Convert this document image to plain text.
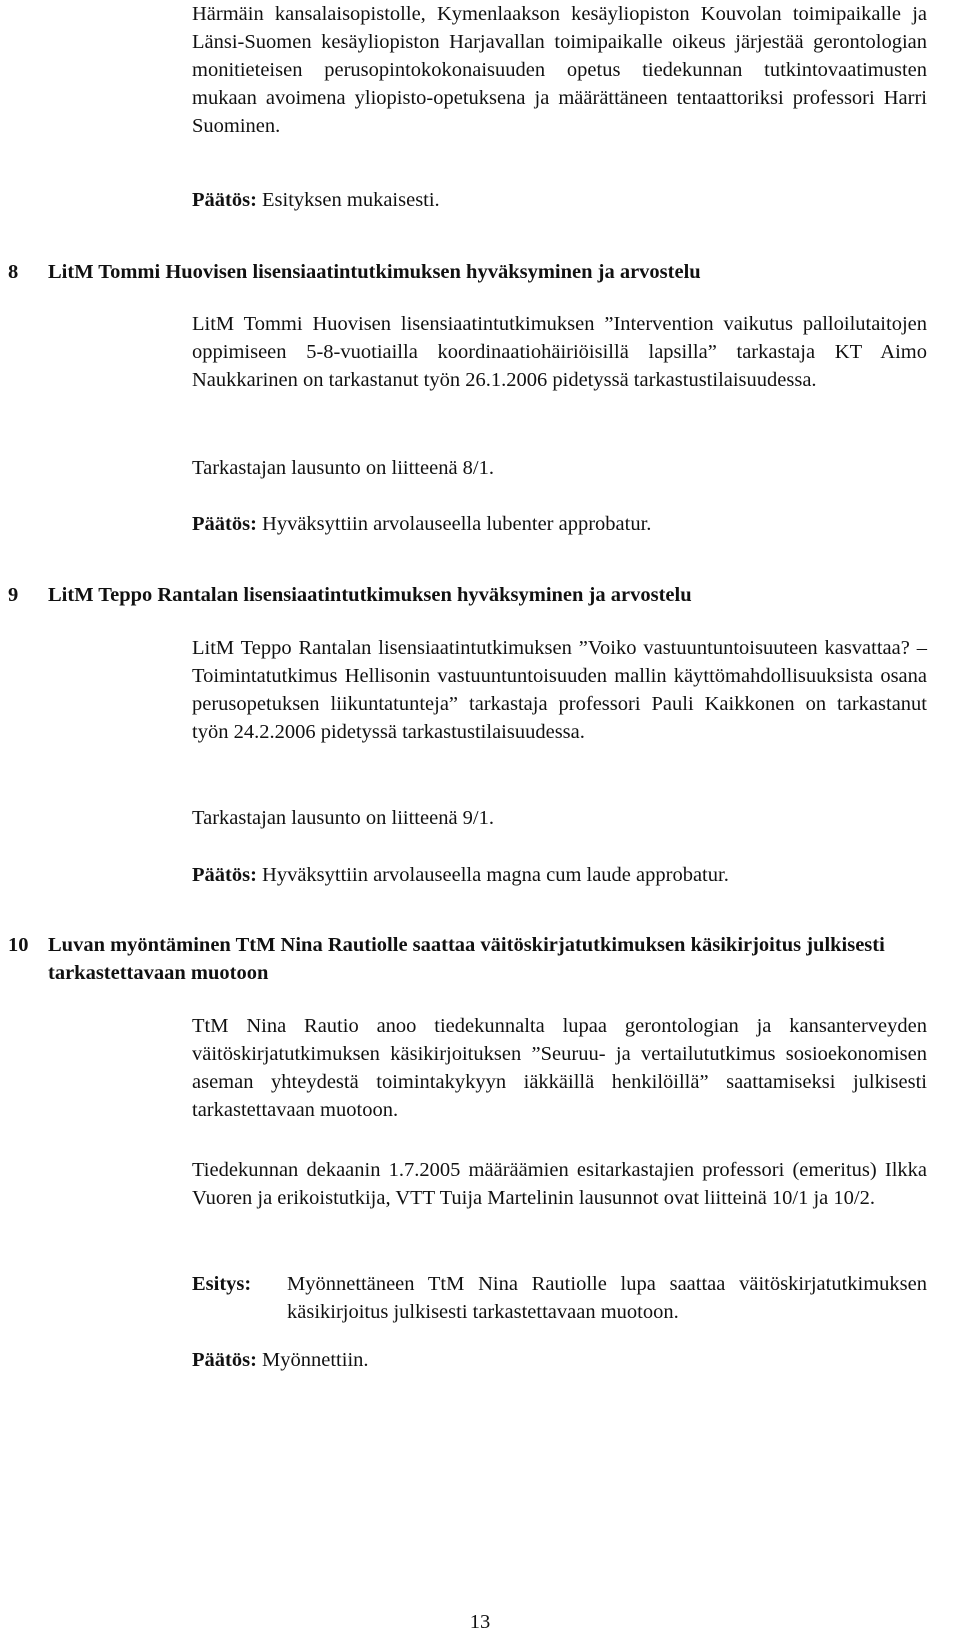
Härmäin kansalaisopistolle, Kymenlaakson kesäyliopiston Kouvolan toimipaikalle ja Länsi-Suomen kesäyliopiston Harjavallan toimipaikalle oikeus järjestää gerontologian monitieteisen perusopintokokonaisuuden opetus tiedekunnan tutkintovaatimusten mukaan avoimena yliopisto-opetuksena ja määrättäneen tentaattoriksi professori Harri Suominen.

Päätös: Esityksen mukaisesti.

8 LitM Tommi Huovisen lisensiaatintutkimuksen hyväksyminen ja arvostelu

LitM Tommi Huovisen lisensiaatintutkimuksen ”Intervention vaikutus palloilutaitojen oppimiseen 5-8-vuotiailla koordinaatiohäiriöisillä lapsilla” tarkastaja KT Aimo Naukkarinen on tarkastanut työn 26.1.2006 pidetyssä tarkastustilaisuudessa.

Tarkastajan lausunto on liitteenä 8/1.

Päätös: Hyväksyttiin arvolauseella lubenter approbatur.

9 LitM Teppo Rantalan lisensiaatintutkimuksen hyväksyminen ja arvostelu

LitM Teppo Rantalan lisensiaatintutkimuksen ”Voiko vastuuntuntoisuuteen kasvattaa? – Toimintatutkimus Hellisonin vastuuntuntoisuuden mallin käyttömahdollisuuksista osana perusopetuksen liikuntatunteja” tarkastaja professori Pauli Kaikkonen on tarkastanut työn 24.2.2006 pidetyssä tarkastustilaisuudessa.

Tarkastajan lausunto on liitteenä 9/1.

Päätös: Hyväksyttiin arvolauseella magna cum laude approbatur.

10 Luvan myöntäminen TtM Nina Rautiolle saattaa väitöskirjatutkimuksen käsikirjoitus julkisesti tarkastettavaan muotoon

TtM Nina Rautio anoo tiedekunnalta lupaa gerontologian ja kansanterveyden väitöskirjatutkimuksen käsikirjoituksen ”Seuruu- ja vertailututkimus sosioekonomisen aseman yhteydestä toimintakykyyn iäkkäillä henkilöillä” saattamiseksi julkisesti tarkastettavaan muotoon.

Tiedekunnan dekaanin 1.7.2005 määräämien esitarkastajien professori (emeritus) Ilkka Vuoren ja erikoistutkija, VTT Tuija Martelinin lausunnot ovat liitteinä 10/1 ja 10/2.

Esitys: Myönnettäneen TtM Nina Rautiolle lupa saattaa väitöskirjatutkimuksen käsikirjoitus julkisesti tarkastettavaan muotoon.

Päätös: Myönnettiin.

13
